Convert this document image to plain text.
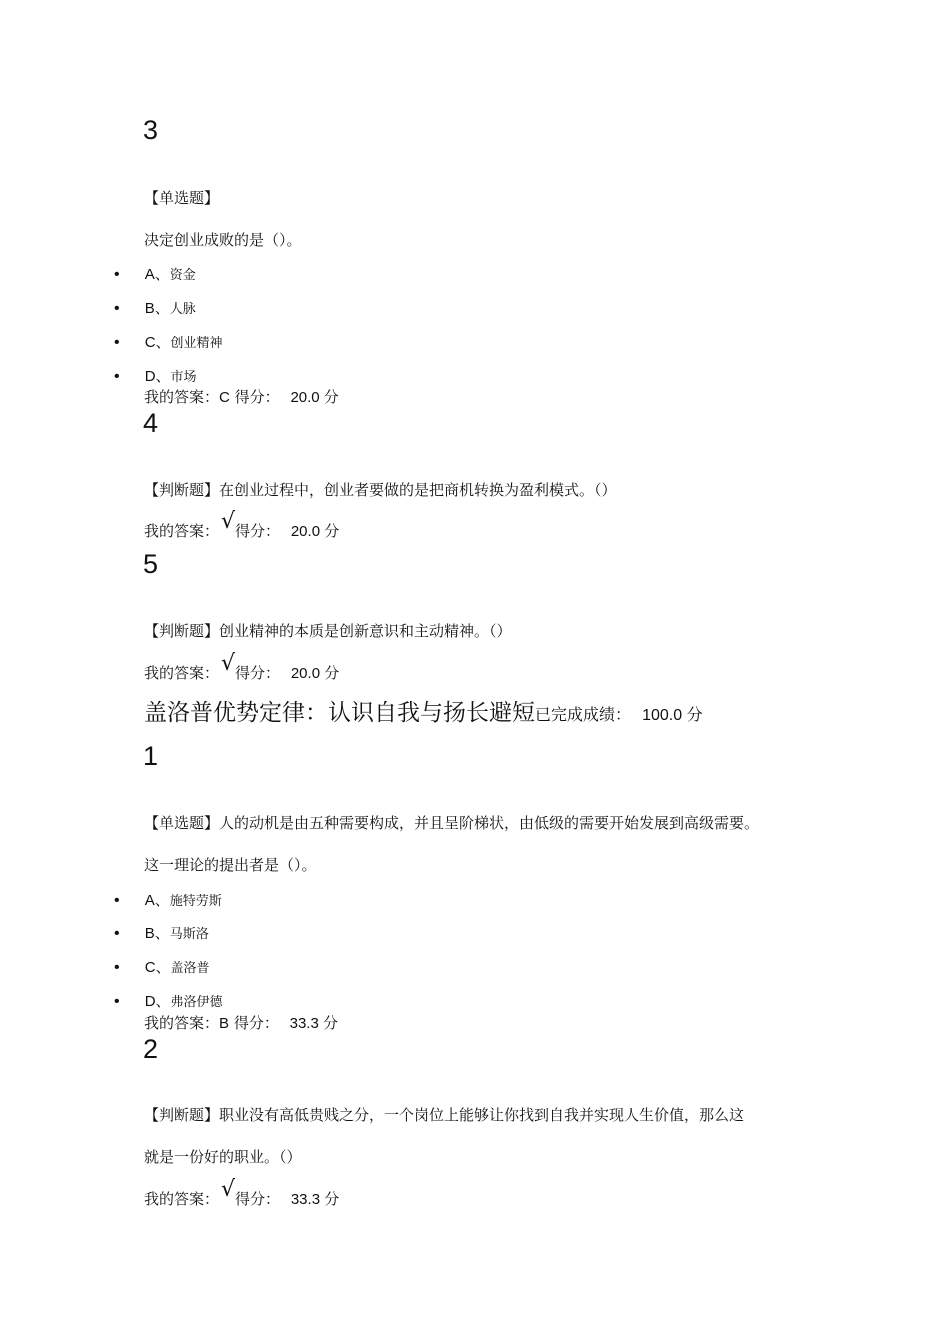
3
【单选题】
决定创业成败的是（）。
• A、资金
• B、人脉
• C、创业精神
• D、市场
我的答案：C 得分： 20.0 分
4
【判断题】在创业过程中，创业者要做的是把商机转换为盈利模式。（）
我的答案：√得分： 20.0 分
5
【判断题】创业精神的本质是创新意识和主动精神。（）
我的答案：√得分： 20.0 分
盖洛普优势定律：认识自我与扬长避短已完成成绩： 100.0 分
1
【单选题】人的动机是由五种需要构成，并且呈阶梯状，由低级的需要开始发展到高级需要。
这一理论的提出者是（）。
• A、施特劳斯
• B、马斯洛
• C、盖洛普
• D、弗洛伊德
我的答案：B 得分： 33.3 分
2
【判断题】职业没有高低贵贱之分，一个岗位上能够让你找到自我并实现人生价值，那么这
就是一份好的职业。（）
我的答案：√得分： 33.3 分
